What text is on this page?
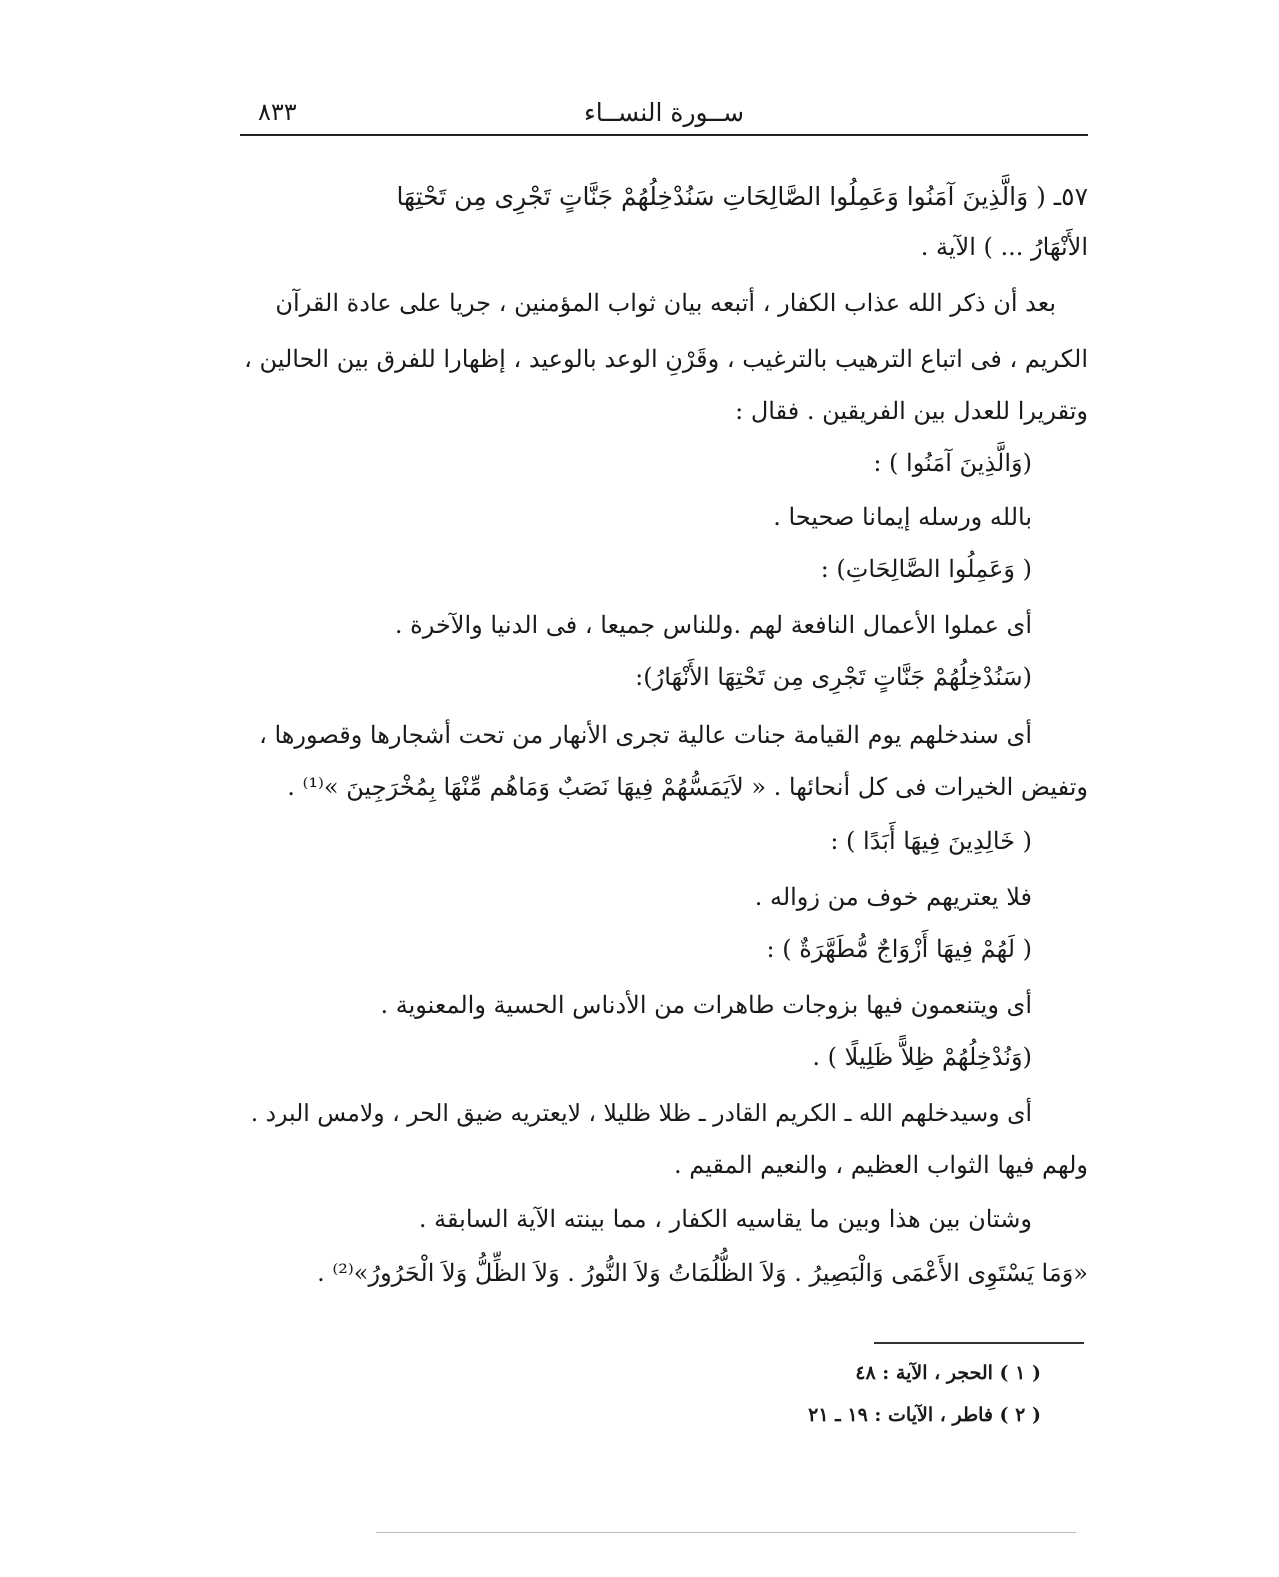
ســورة النســاء
٨٣٣
٥٧ـ ( وَالَّذِينَ آمَنُوا وَعَمِلُوا الصَّالِحَاتِ سَنُدْخِلُهُمْ جَنَّاتٍ تَجْرِى مِن تَحْتِهَا
الأَنْهَارُ ... ) الآية .
بعد أن ذكر الله عذاب الكفار ، أتبعه بيان ثواب المؤمنين ، جريا على عادة القرآن
الكريم ، فى اتباع الترهيب بالترغيب ، وقَرْنِ الوعد بالوعيد ، إظهارا للفرق بين الحالين ،
وتقريرا للعدل بين الفريقين . فقال :
(وَالَّذِينَ آمَنُوا ) :
بالله ورسله إيمانا صحيحا .
( وَعَمِلُوا الصَّالِحَاتِ) :
أى عملوا الأعمال النافعة لهم .وللناس جميعا ، فى الدنيا والآخرة .
(سَنُدْخِلُهُمْ جَنَّاتٍ تَجْرِى مِن تَحْتِهَا الأَنْهَارُ):
أى سندخلهم يوم القيامة جنات عالية تجرى الأنهار من تحت أشجارها وقصورها ،
وتفيض الخيرات فى كل أنحائها . « لاَيَمَسُّهُمْ فِيهَا نَصَبٌ وَمَاهُم مِّنْهَا بِمُخْرَجِينَ »⁽¹⁾ .
( خَالِدِينَ فِيهَا أَبَدًا ) :
فلا يعتريهم خوف من زواله .
( لَهُمْ فِيهَا أَزْوَاجٌ مُّطَهَّرَةٌ ) :
أى ويتنعمون فيها بزوجات طاهرات من الأدناس الحسية والمعنوية .
(وَنُدْخِلُهُمْ ظِلاًّ ظَلِيلًا ) .
أى وسيدخلهم الله ـ الكريم القادر ـ ظلا ظليلا ، لايعتريه ضيق الحر ، ولامس البرد .
ولهم فيها الثواب العظيم ، والنعيم المقيم .
وشتان بين هذا وبين ما يقاسيه الكفار ، مما بينته الآية السابقة .
«وَمَا يَسْتَوِى الأَعْمَى وَالْبَصِيرُ . وَلاَ الظُّلُمَاتُ وَلاَ النُّورُ . وَلاَ الظِّلُّ وَلاَ الْحَرُورُ»⁽²⁾ .
( ١ ) الحجر ، الآية : ٤٨
( ٢ ) فاطر ، الآيات : ١٩ ـ ٢١
